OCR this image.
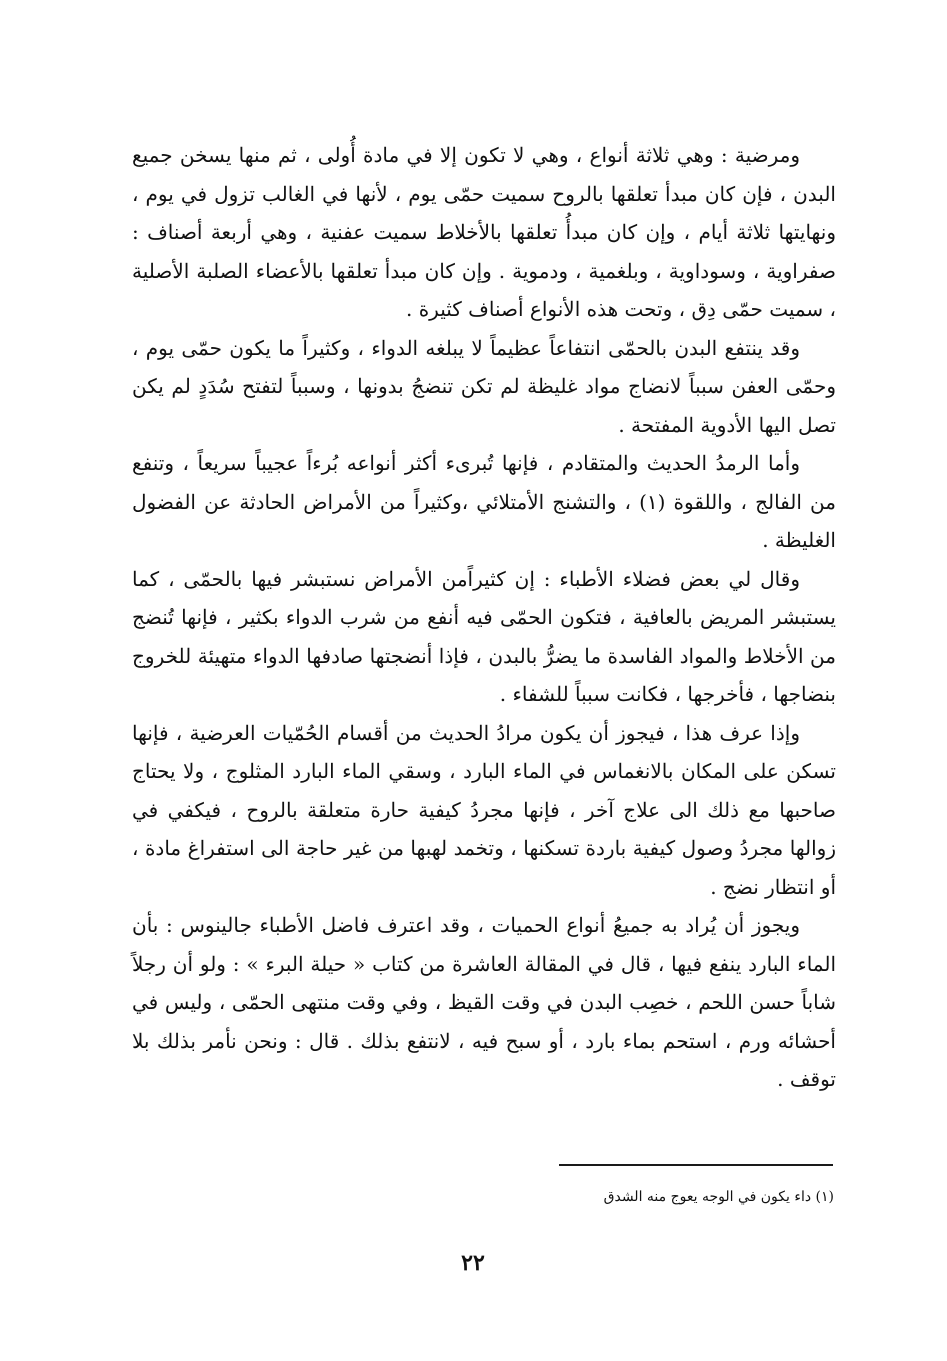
ومرضية : وهي ثلاثة أنواع ، وهي لا تكون إلا في مادة أُولى ، ثم منها يسخن جميع البدن ، فإن كان مبدأ تعلقها بالروح سميت حمّى يوم ، لأنها في الغالب تزول في يوم ، ونهايتها ثلاثة أيام ، وإن كان مبدأُ تعلقها بالأخلاط سميت عفنية ، وهي أربعة أصناف : صفراوية ، وسوداوية ، وبلغمية ، ودموية . وإن كان مبدأ تعلقها بالأعضاء الصلبة الأصلية ، سميت حمّى دِق ، وتحت هذه الأنواع أصناف كثيرة .

وقد ينتفع البدن بالحمّى انتفاعاً عظيماً لا يبلغه الدواء ، وكثيراً ما يكون حمّى يوم ، وحمّى العفن سبباً لانضاج مواد غليظة لم تكن تنضجُ بدونها ، وسبباً لتفتح سُدَدٍ لم يكن تصل اليها الأدوية المفتحة .

وأما الرمدُ الحديث والمتقادم ، فإنها تُبرىء أكثر أنواعه بُرءاً عجيباً سريعاً ، وتنفع من الفالج ، واللقوة (١) ، والتشنج الأمتلائي ،وكثيراً من الأمراض الحادثة عن الفضول الغليظة .

وقال لي بعض فضلاء الأطباء : إن كثيراًمن الأمراض نستبشر فيها بالحمّى ، كما يستبشر المريض بالعافية ، فتكون الحمّى فيه أنفع من شرب الدواء بكثير ، فإنها تُنضج من الأخلاط والمواد الفاسدة ما يضرُّ بالبدن ، فإذا أنضجتها صادفها الدواء متهيئة للخروج بنضاجها ، فأخرجها ، فكانت سبباً للشفاء .

وإذا عرف هذا ، فيجوز أن يكون مرادُ الحديث من أقسام الحُمّيات العرضية ، فإنها تسكن على المكان بالانغماس في الماء البارد ، وسقي الماء البارد المثلوج ، ولا يحتاج صاحبها مع ذلك الى علاج آخر ، فإنها مجردُ كيفية حارة متعلقة بالروح ، فيكفي في زوالها مجردُ وصول كيفية باردة تسكنها ، وتخمد لهبها من غير حاجة الى استفراغ مادة ، أو انتظار نضج .

ويجوز أن يُراد به جميعُ أنواع الحميات ، وقد اعترف فاضل الأطباء جالينوس : بأن الماء البارد ينفع فيها ، قال في المقالة العاشرة من كتاب « حيلة البرء » : ولو أن رجلاً شاباً حسن اللحم ، خصِب البدن في وقت القيظ ، وفي وقت منتهى الحمّى ، وليس في أحشائه ورم ، استحم بماء بارد ، أو سبح فيه ، لانتفع بذلك . قال : ونحن نأمر بذلك بلا توقف .

(١) داء يكون في الوجه يعوج منه الشدق
٢٢
